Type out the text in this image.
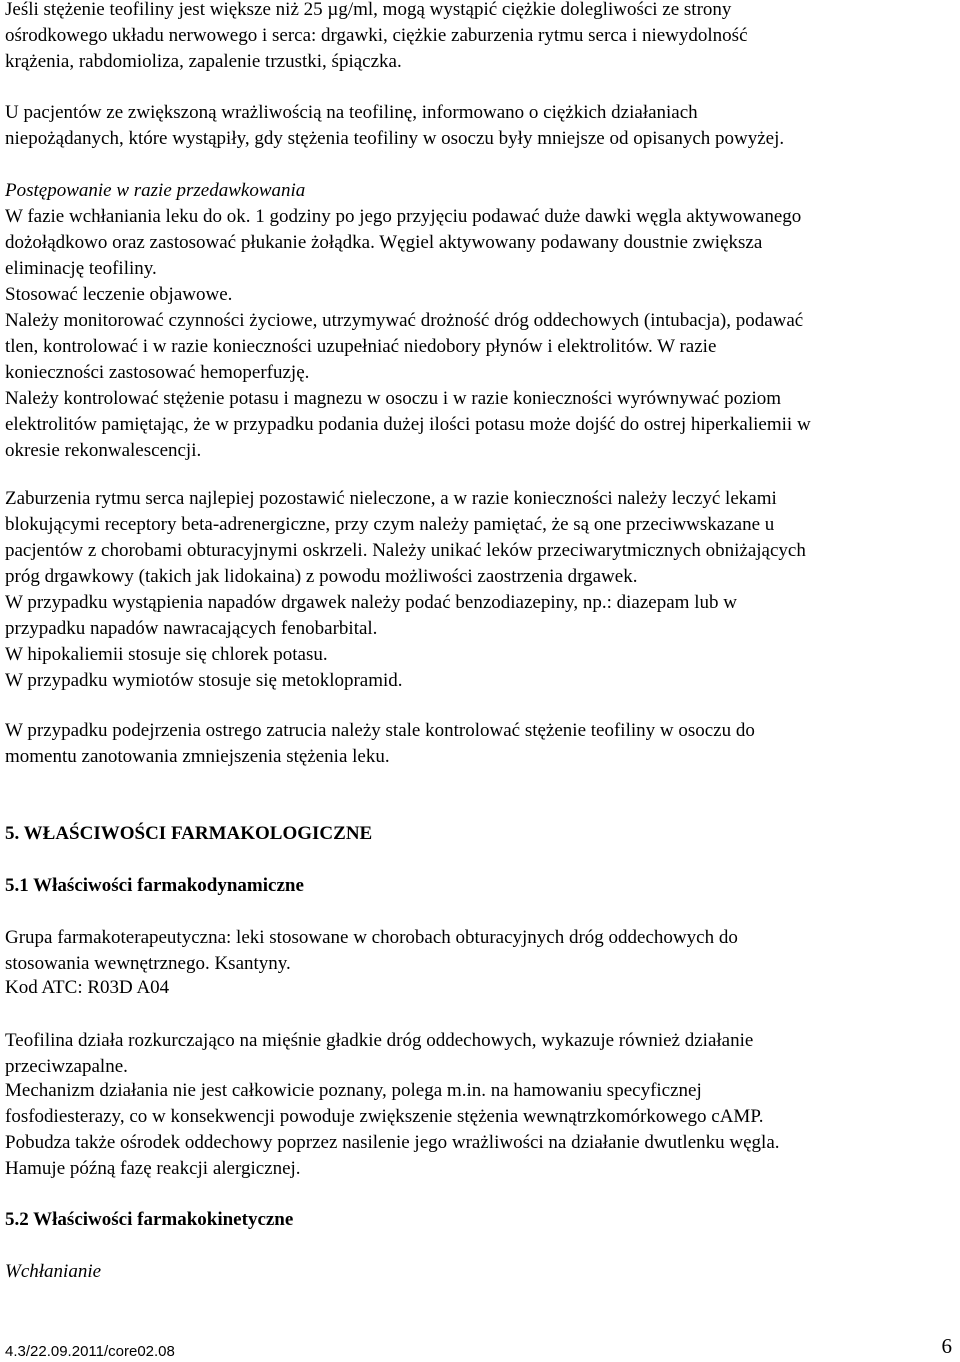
Jeśli stężenie teofiliny jest większe niż 25 µg/ml, mogą wystąpić ciężkie dolegliwości ze strony
ośrodkowego układu nerwowego i serca: drgawki, ciężkie zaburzenia rytmu serca i niewydolność
krążenia, rabdomioliza, zapalenie trzustki, śpiączka.
U pacjentów ze zwiększoną wrażliwością na teofilinę, informowano o ciężkich działaniach
niepożądanych, które wystąpiły, gdy stężenia teofiliny w osoczu były mniejsze od opisanych powyżej.
Postępowanie w razie przedawkowania
W fazie wchłaniania leku do ok. 1 godziny po jego przyjęciu podawać duże dawki węgla aktywowanego
dożołądkowo oraz zastosować płukanie żołądka. Węgiel aktywowany podawany doustnie zwiększa
eliminację teofiliny.
Stosować leczenie objawowe.
Należy monitorować czynności życiowe, utrzymywać drożność dróg oddechowych (intubacja), podawać
tlen, kontrolować i w razie konieczności uzupełniać niedobory płynów i elektrolitów. W razie
konieczności zastosować hemoperfuzję.
Należy kontrolować stężenie potasu i magnezu w osoczu i w razie konieczności wyrównywać poziom
elektrolitów pamiętając, że w przypadku podania dużej ilości potasu może dojść do ostrej hiperkaliemii w
okresie rekonwalescencji.
Zaburzenia rytmu serca najlepiej pozostawić nieleczone, a w razie konieczności należy leczyć lekami
blokującymi receptory beta-adrenergiczne, przy czym należy pamiętać, że są one przeciwwskazane u
pacjentów z chorobami obturacyjnymi oskrzeli. Należy unikać leków przeciwarytmicznych obniżających
próg drgawkowy (takich jak lidokaina) z powodu możliwości zaostrzenia drgawek.
W przypadku wystąpienia napadów drgawek należy podać benzodiazepiny, np.: diazepam lub w
przypadku napadów nawracających fenobarbital.
W hipokaliemii stosuje się chlorek potasu.
W przypadku wymiotów stosuje się metoklopramid.
W przypadku podejrzenia ostrego zatrucia należy stale kontrolować stężenie teofiliny w osoczu do
momentu zanotowania zmniejszenia stężenia leku.
5. WŁAŚCIWOŚCI FARMAKOLOGICZNE
5.1 Właściwości farmakodynamiczne
Grupa farmakoterapeutyczna: leki stosowane w chorobach obturacyjnych dróg oddechowych do
stosowania wewnętrznego. Ksantyny.
Kod ATC: R03D A04
Teofilina działa rozkurczająco na mięśnie gładkie dróg oddechowych, wykazuje również działanie
przeciwzapalne.
Mechanizm działania nie jest całkowicie poznany, polega m.in. na hamowaniu specyficznej
fosfodiesterazy, co w konsekwencji powoduje zwiększenie stężenia wewnątrzkomórkowego cAMP.
Pobudza także ośrodek oddechowy poprzez nasilenie jego wrażliwości na działanie dwutlenku węgla.
Hamuje późną fazę reakcji alergicznej.
5.2 Właściwości farmakokinetyczne
Wchłanianie
4.3/22.09.2011/core02.08	6
